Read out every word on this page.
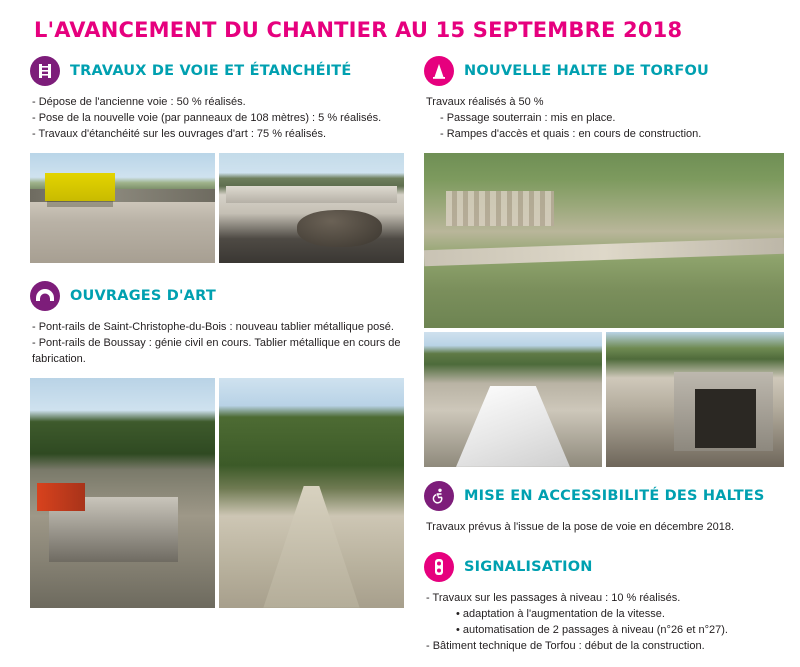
L'AVANCEMENT DU CHANTIER AU 15 SEPTEMBRE 2018
TRAVAUX DE VOIE ET ÉTANCHÉITÉ
- Dépose de l'ancienne voie : 50 % réalisés.
- Pose de la nouvelle voie (par panneaux de 108 mètres) : 5 % réalisés.
- Travaux d'étanchéité sur les ouvrages d'art : 75 % réalisés.
OUVRAGES D'ART
- Pont-rails de Saint-Christophe-du-Bois : nouveau tablier métallique posé.
- Pont-rails de Boussay : génie civil en cours. Tablier métallique en cours de fabrication.
NOUVELLE HALTE DE TORFOU
Travaux réalisés à 50 %
- Passage souterrain : mis en place.
- Rampes d'accès et quais : en cours de construction.
MISE EN ACCESSIBILITÉ DES HALTES
Travaux prévus à l'issue de la pose de voie en décembre 2018.
SIGNALISATION
- Travaux sur les passages à niveau : 10 % réalisés.
• adaptation à l'augmentation de la vitesse.
• automatisation de 2 passages à niveau (n°26 et n°27).
- Bâtiment technique de Torfou : début de la construction.
